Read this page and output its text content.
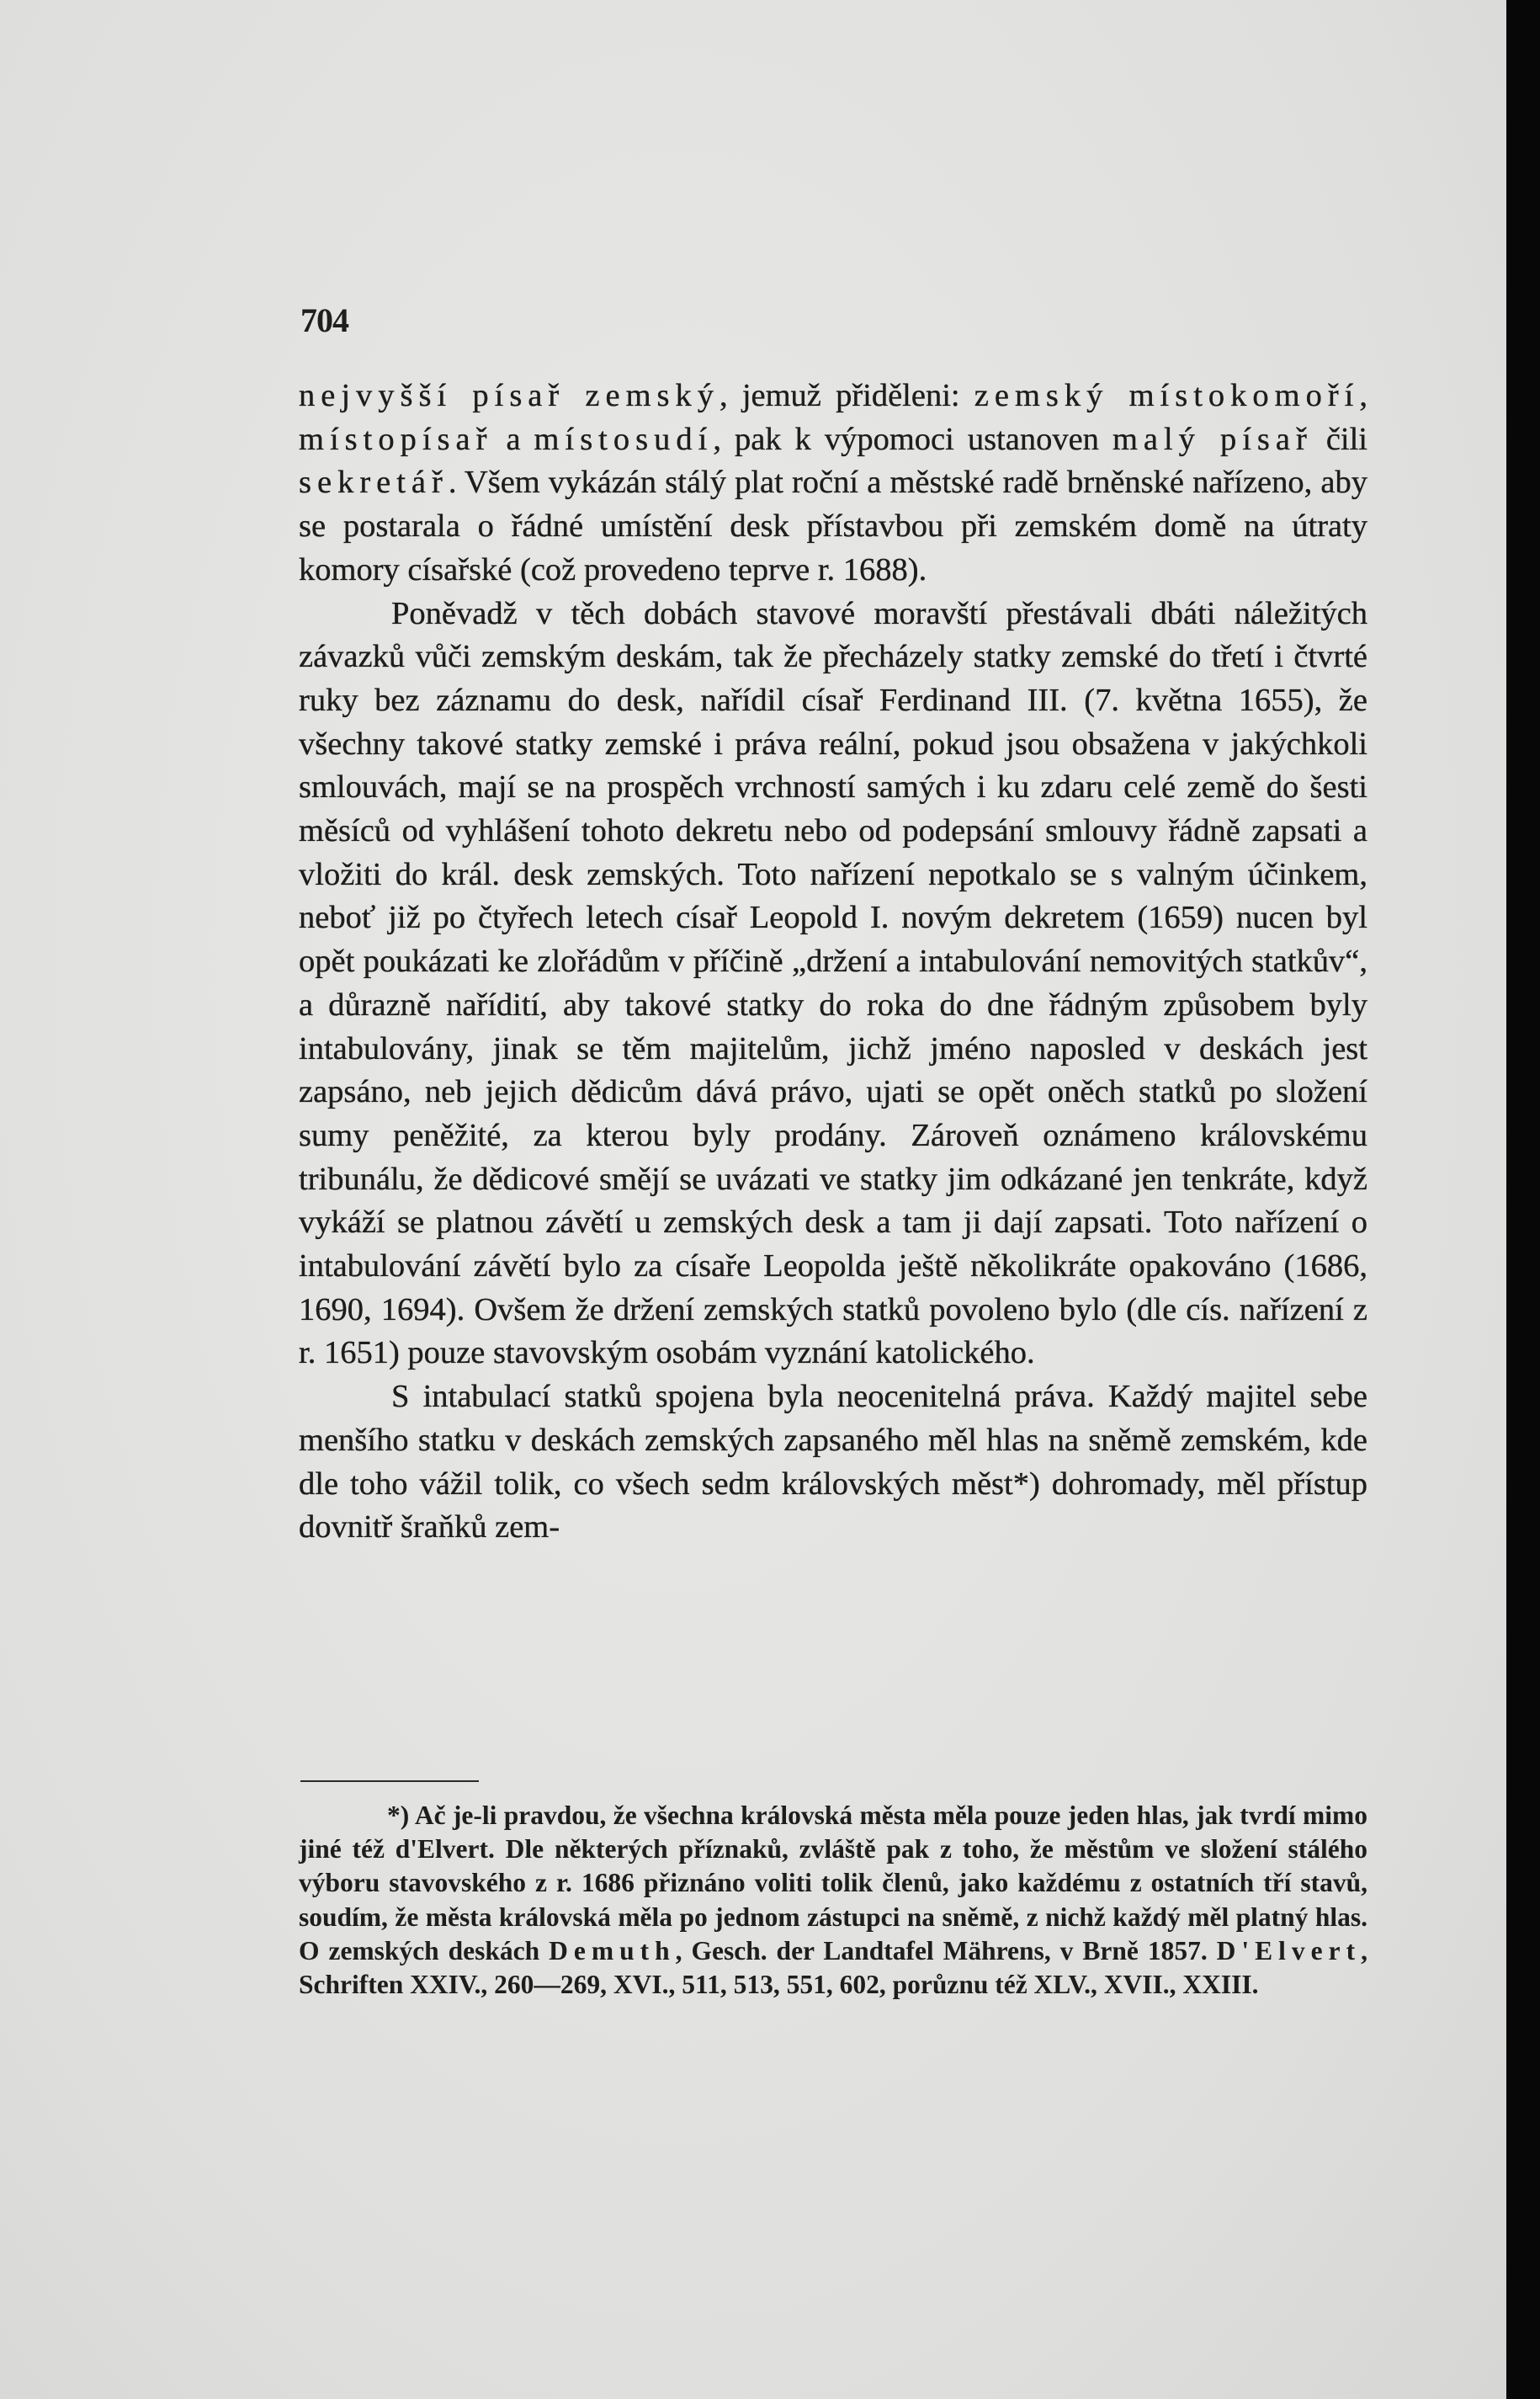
704

nejvyšší písař zemský, jemuž přiděleni: zemský místokomoří, místopísař a místosudí, pak k výpomoci ustanoven malý písař čili sekretář. Všem vykázán stálý plat roční a městské radě brněnské nařízeno, aby se postarala o řádné umístění desk přístavbou při zemském domě na útraty komory císařské (což provedeno teprve r. 1688).

Poněvadž v těch dobách stavové moravští přestávali dbáti náležitých závazků vůči zemským deskám, tak že přecházely statky zemské do třetí i čtvrté ruky bez záznamu do desk, nařídil císař Ferdinand III. (7. května 1655), že všechny takové statky zemské i práva reální, pokud jsou obsažena v jakýchkoli smlouvách, mají se na prospěch vrchností samých i ku zdaru celé země do šesti měsíců od vyhlášení tohoto dekretu nebo od podepsání smlouvy řádně zapsati a vložiti do král. desk zemských. Toto nařízení nepotkalo se s valným účinkem, neboť již po čtyřech letech císař Leopold I. novým dekretem (1659) nucen byl opět poukázati ke zlořádům v příčině „držení a intabulování nemovitých statkův“, a důrazně nařídití, aby takové statky do roka do dne řádným způsobem byly intabulovány, jinak se těm majitelům, jichž jméno naposled v deskách jest zapsáno, neb jejich dědicům dává právo, ujati se opět oněch statků po složení sumy peněžité, za kterou byly prodány. Zároveň oznámeno královskému tribunálu, že dědicové smějí se uvázati ve statky jim odkázané jen tenkráte, když vykáží se platnou závětí u zemských desk a tam ji dají zapsati. Toto nařízení o intabulování závětí bylo za císaře Leopolda ještě několikráte opakováno (1686, 1690, 1694). Ovšem že držení zemských statků povoleno bylo (dle cís. nařízení z r. 1651) pouze stavovským osobám vyznání katolického.

S intabulací statků spojena byla neocenitelná práva. Každý majitel sebe menšího statku v deskách zemských zapsaného měl hlas na sněmě zemském, kde dle toho vážil tolik, co všech sedm královských měst*) dohromady, měl přístup dovnitř šraňků zem-

*) Ač je-li pravdou, že všechna královská města měla pouze jeden hlas, jak tvrdí mimo jiné též d'Elvert. Dle některých příznaků, zvláště pak z toho, že městům ve složení stálého výboru stavovského z r. 1686 přiznáno voliti tolik členů, jako každému z ostatních tří stavů, soudím, že města královská měla po jednom zástupci na sněmě, z nichž každý měl platný hlas. O zemských deskách Demuth, Gesch. der Landtafel Mährens, v Brně 1857. D'Elvert, Schriften XXIV., 260—269, XVI., 511, 513, 551, 602, porůznu též XLV., XVII., XXIII.
